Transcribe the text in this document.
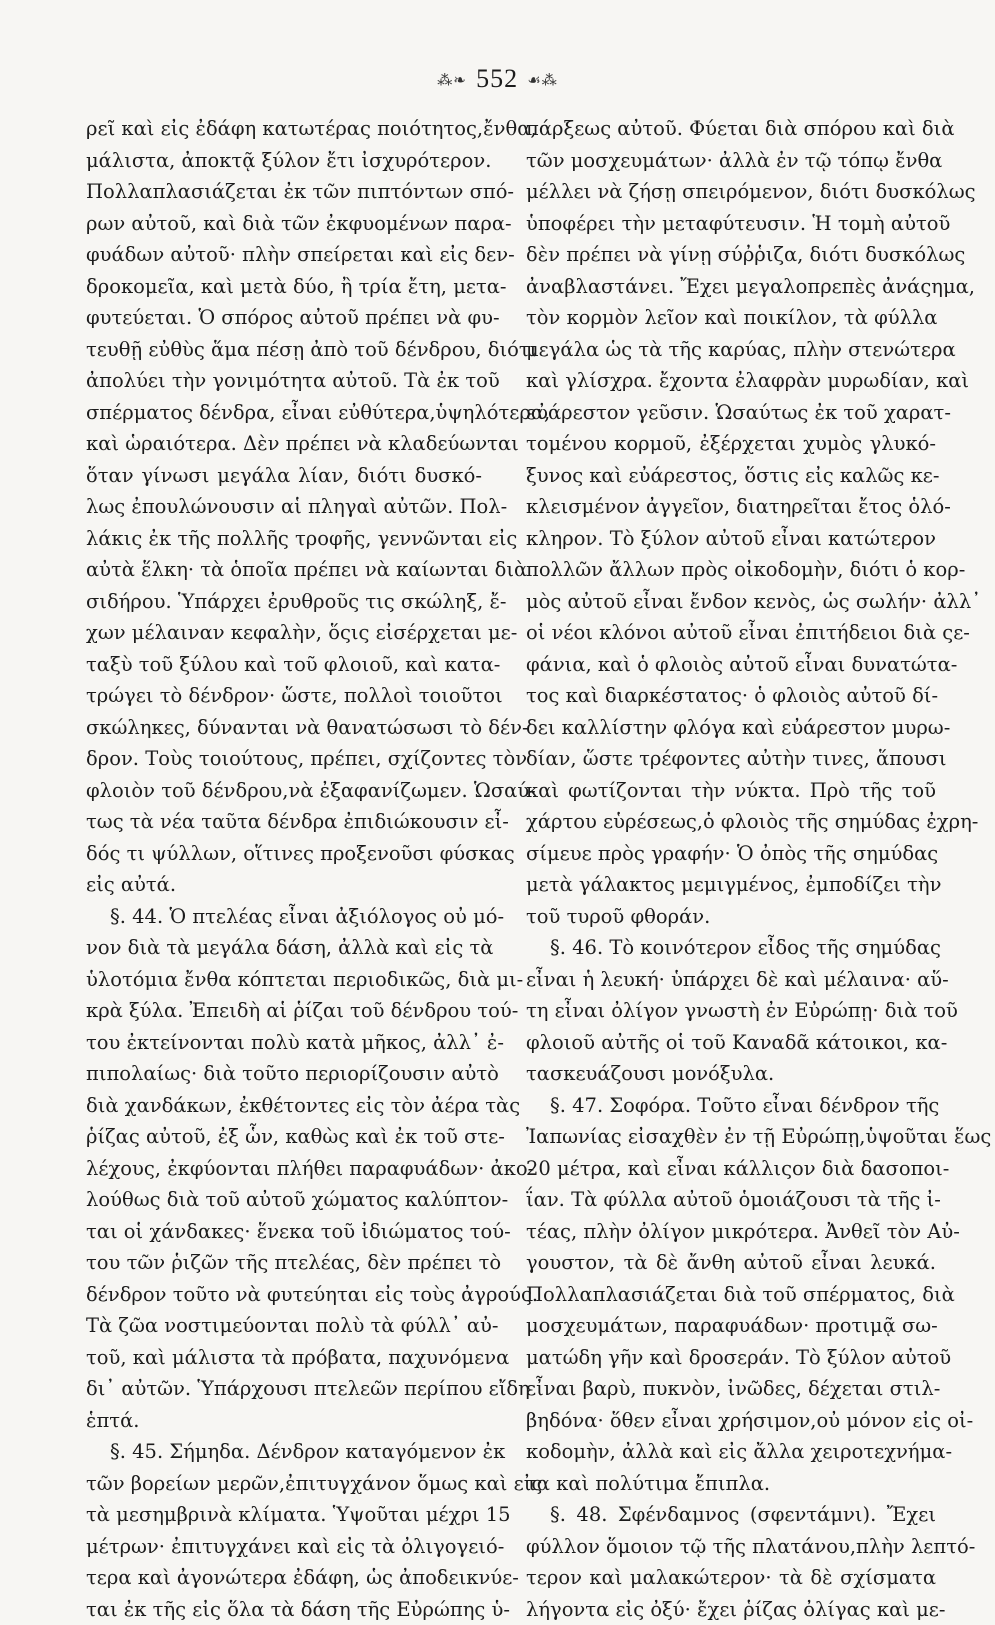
⁂❧ 552 ☙⁂
ρεῖ καὶ εἰς ἐδάφη κατωτέρας ποιότητος,ἔνθα,
μάλιστα, ἀποκτᾷ ξύλον ἔτι ἰσχυρότερον.
Πολλαπλασιάζεται ἐκ τῶν πιπτόντων σπό-
ρων αὐτοῦ, καὶ διὰ τῶν ἐκφυομένων παρα-
φυάδων αὐτοῦ· πλὴν σπείρεται καὶ εἰς δεν-
δροκομεῖα, καὶ μετὰ δύο, ἢ τρία ἔτη, μετα-
φυτεύεται. Ὁ σπόρος αὐτοῦ πρέπει νὰ φυ-
τευθῇ εὐθὺς ἅμα πέσῃ ἀπὸ τοῦ δένδρου, διότι
ἀπολύει τὴν γονιμότητα αὐτοῦ. Τὰ ἐκ τοῦ
σπέρματος δένδρα, εἶναι εὐθύτερα,ὑψηλότερα,
καὶ ὡραιότερα. Δὲν πρέπει νὰ κλαδεύωνται
ὅταν γίνωσι μεγάλα λίαν, διότι δυσκό-
λως ἐπουλώνουσιν αἱ πληγαὶ αὐτῶν. Πολ-
λάκις ἐκ τῆς πολλῆς τροφῆς, γεννῶνται εἰς
αὐτὰ ἕλκη· τὰ ὁποῖα πρέπει νὰ καίωνται διὰ
σιδήρου. Ὑπάρχει ἐρυθροῦς τις σκώληξ, ἔ-
χων μέλαιναν κεφαλὴν, ὅςις εἰσέρχεται με-
ταξὺ τοῦ ξύλου καὶ τοῦ φλοιοῦ, καὶ κατα-
τρώγει τὸ δένδρον· ὥστε, πολλοὶ τοιοῦτοι
σκώληκες, δύνανται νὰ θανατώσωσι τὸ δέν-
δρον. Τοὺς τοιούτους, πρέπει, σχίζοντες τὸν
φλοιὸν τοῦ δένδρου,νὰ ἐξαφανίζωμεν. Ὡσαύ-
τως τὰ νέα ταῦτα δένδρα ἐπιδιώκουσιν εἶ-
δός τι ψύλλων, οἵτινες προξενοῦσι φύσκας
εἰς αὐτά.
§. 44. Ὁ πτελέας εἶναι ἀξιόλογος οὐ μό-
νον διὰ τὰ μεγάλα δάση, ἀλλὰ καὶ εἰς τὰ
ὑλοτόμια ἔνθα κόπτεται περιοδικῶς, διὰ μι-
κρὰ ξύλα. Ἐπειδὴ αἱ ῥίζαι τοῦ δένδρου τού-
του ἐκτείνονται πολὺ κατὰ μῆκος, ἀλλ᾽ ἐ-
πιπολαίως· διὰ τοῦτο περιορίζουσιν αὐτὸ
διὰ χανδάκων, ἐκθέτοντες εἰς τὸν ἀέρα τὰς
ῥίζας αὐτοῦ, ἐξ ὧν, καθὼς καὶ ἐκ τοῦ στε-
λέχους, ἐκφύονται πλήθει παραφυάδων· ἀκο-
λούθως διὰ τοῦ αὐτοῦ χώματος καλύπτον-
ται οἱ χάνδακες· ἕνεκα τοῦ ἰδιώματος τού-
του τῶν ῥιζῶν τῆς πτελέας, δὲν πρέπει τὸ
δένδρον τοῦτο νὰ φυτεύηται εἰς τοὺς ἀγρούς.
Τὰ ζῶα νοστιμεύονται πολὺ τὰ φύλλ᾽ αὐ-
τοῦ, καὶ μάλιστα τὰ πρόβατα, παχυνόμενα
δι᾽ αὐτῶν. Ὑπάρχουσι πτελεῶν περίπου εἴδη
ἑπτά.
§. 45. Σήμηδα. Δένδρον καταγόμενον ἐκ
τῶν βορείων μερῶν,ἐπιτυγχάνον ὅμως καὶ εἰς
τὰ μεσημβρινὰ κλίματα. Ὑψοῦται μέχρι 15
μέτρων· ἐπιτυγχάνει καὶ εἰς τὰ ὀλιγογειό-
τερα καὶ ἀγονώτερα ἐδάφη, ὡς ἀποδεικνύε-
ται ἐκ τῆς εἰς ὅλα τὰ δάση τῆς Εὐρώπης ὑ-
πάρξεως αὐτοῦ. Φύεται διὰ σπόρου καὶ διὰ
τῶν μοσχευμάτων· ἀλλὰ ἐν τῷ τόπῳ ἔνθα
μέλλει νὰ ζήσῃ σπειρόμενον, διότι δυσκόλως
ὑποφέρει τὴν μεταφύτευσιν. Ἡ τομὴ αὐτοῦ
δὲν πρέπει νὰ γίνῃ σύῤῥιζα, διότι δυσκόλως
ἀναβλαστάνει. Ἔχει μεγαλοπρεπὲς ἀνάςημα,
τὸν κορμὸν λεῖον καὶ ποικίλον, τὰ φύλλα
μεγάλα ὡς τὰ τῆς καρύας, πλὴν στενώτερα
καὶ γλίσχρα. ἔχοντα ἐλαφρὰν μυρωδίαν, καὶ
εὐάρεστον γεῦσιν. Ὡσαύτως ἐκ τοῦ χαρατ-
τομένου κορμοῦ, ἐξέρχεται χυμὸς γλυκό-
ξυνος καὶ εὐάρεστος, ὅστις εἰς καλῶς κε-
κλεισμένον ἀγγεῖον, διατηρεῖται ἔτος ὁλό-
κληρον. Τὸ ξύλον αὐτοῦ εἶναι κατώτερον
πολλῶν ἄλλων πρὸς οἰκοδομὴν, διότι ὁ κορ-
μὸς αὐτοῦ εἶναι ἔνδον κενὸς, ὡς σωλήν· ἀλλ᾽
οἱ νέοι κλόνοι αὐτοῦ εἶναι ἐπιτήδειοι διὰ ςε-
φάνια, καὶ ὁ φλοιὸς αὐτοῦ εἶναι δυνατώτα-
τος καὶ διαρκέστατος· ὁ φλοιὸς αὐτοῦ δί-
δει καλλίστην φλόγα καὶ εὐάρεστον μυρω-
δίαν, ὥστε τρέφοντες αὐτὴν τινες, ἅπουσι
καὶ φωτίζονται τὴν νύκτα. Πρὸ τῆς τοῦ
χάρτου εὑρέσεως,ὁ φλοιὸς τῆς σημύδας ἐχρη-
σίμευε πρὸς γραφήν· Ὁ ὀπὸς τῆς σημύδας
μετὰ γάλακτος μεμιγμένος, ἐμποδίζει τὴν
τοῦ τυροῦ φθοράν.
§. 46. Τὸ κοινότερον εἶδος τῆς σημύδας
εἶναι ἡ λευκή· ὑπάρχει δὲ καὶ μέλαινα· αὕ-
τη εἶναι ὀλίγον γνωστὴ ἐν Εὐρώπῃ· διὰ τοῦ
φλοιοῦ αὐτῆς οἱ τοῦ Καναδᾶ κάτοικοι, κα-
τασκευάζουσι μονόξυλα.
§. 47. Σοφόρα. Τοῦτο εἶναι δένδρον τῆς
Ἰαπωνίας εἰσαχθὲν ἐν τῇ Εὐρώπῃ,ὑψοῦται ἕως
20 μέτρα, καὶ εἶναι κάλλιςον διὰ δασοποι-
ΐαν. Τὰ φύλλα αὐτοῦ ὁμοιάζουσι τὰ τῆς ἰ-
τέας, πλὴν ὀλίγον μικρότερα. Ἀνθεῖ τὸν Αὐ-
γουστον, τὰ δὲ ἄνθη αὐτοῦ εἶναι λευκά.
Πολλαπλασιάζεται διὰ τοῦ σπέρματος, διὰ
μοσχευμάτων, παραφυάδων· προτιμᾷ σω-
ματώδη γῆν καὶ δροσεράν. Τὸ ξύλον αὐτοῦ
εἶναι βαρὺ, πυκνὸν, ἰνῶδες, δέχεται στιλ-
βηδόνα· ὅθεν εἶναι χρήσιμον,οὐ μόνον εἰς οἰ-
κοδομὴν, ἀλλὰ καὶ εἰς ἄλλα χειροτεχνήμα-
τα καὶ πολύτιμα ἔπιπλα.
§. 48. Σφένδαμνος (σφεντάμνι). Ἔχει
φύλλον ὅμοιον τῷ τῆς πλατάνου,πλὴν λεπτό-
τερον καὶ μαλακώτερον· τὰ δὲ σχίσματα
λήγοντα εἰς ὀξύ· ἔχει ῥίζας ὀλίγας καὶ με-
